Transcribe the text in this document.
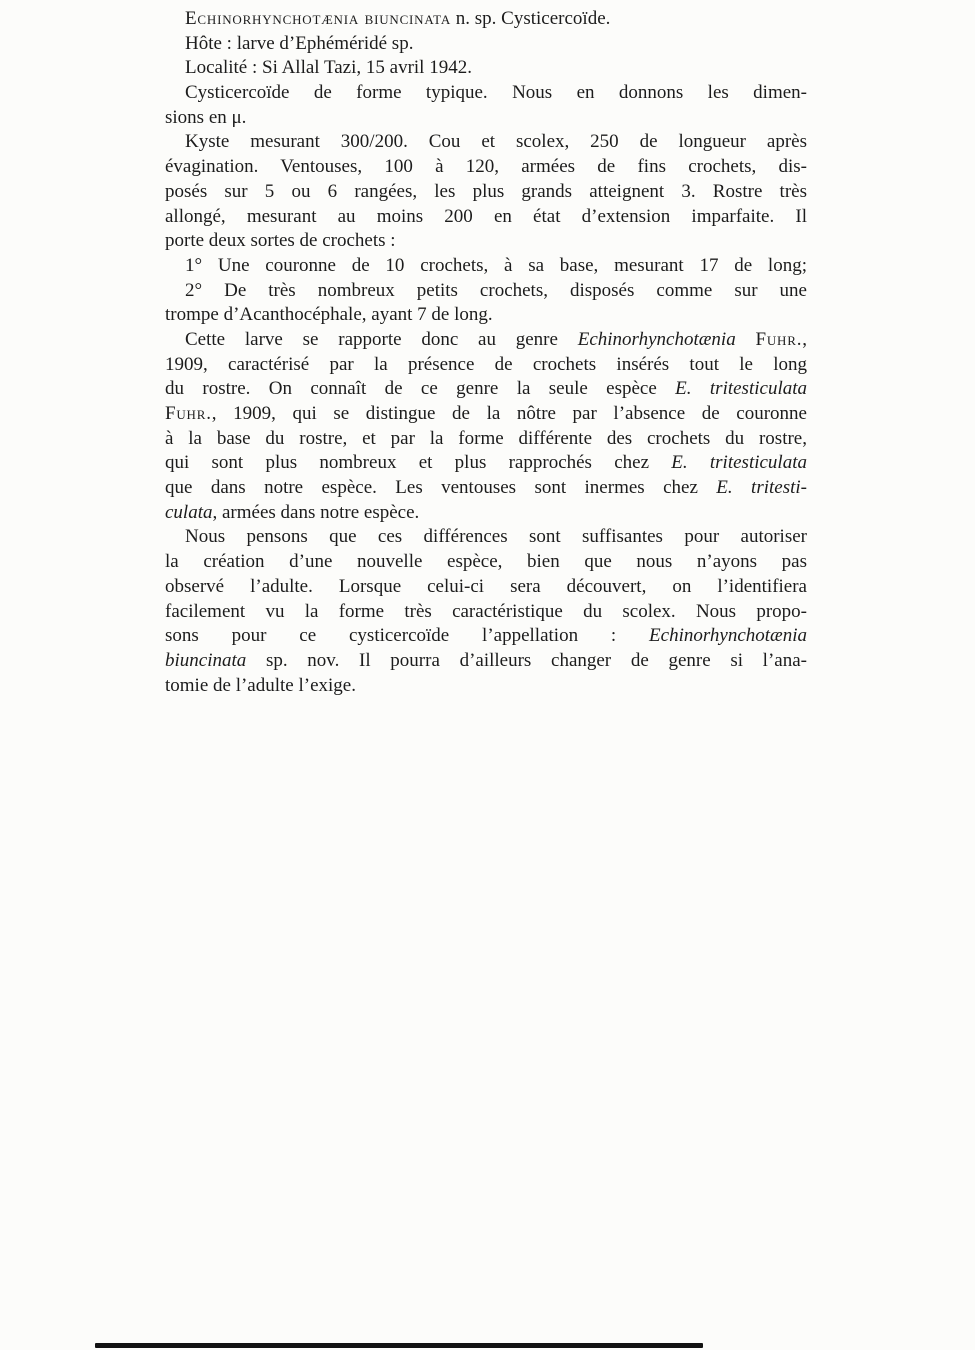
Echinorhynchotænia biuncinata n. sp. Cysticercoïde.
Hôte : larve d’Ephéméridé sp.
Localité : Si Allal Tazi, 15 avril 1942.
Cysticercoïde de forme typique. Nous en donnons les dimen-
sions en μ.
Kyste mesurant 300/200. Cou et scolex, 250 de longueur après
évagination. Ventouses, 100 à 120, armées de fins crochets, dis-
posés sur 5 ou 6 rangées, les plus grands atteignent 3. Rostre très
allongé, mesurant au moins 200 en état d’extension imparfaite. Il
porte deux sortes de crochets :
1° Une couronne de 10 crochets, à sa base, mesurant 17 de long;
2° De très nombreux petits crochets, disposés comme sur une
trompe d’Acanthocéphale, ayant 7 de long.
Cette larve se rapporte donc au genre Echinorhynchotænia Fuhr.,
1909, caractérisé par la présence de crochets insérés tout le long
du rostre. On connaît de ce genre la seule espèce E. tritesticulata
Fuhr., 1909, qui se distingue de la nôtre par l’absence de couronne
à la base du rostre, et par la forme différente des crochets du rostre,
qui sont plus nombreux et plus rapprochés chez E. tritesticulata
que dans notre espèce. Les ventouses sont inermes chez E. tritesti-
culata, armées dans notre espèce.
Nous pensons que ces différences sont suffisantes pour autoriser
la création d’une nouvelle espèce, bien que nous n’ayons pas
observé l’adulte. Lorsque celui-ci sera découvert, on l’identifiera
facilement vu la forme très caractéristique du scolex. Nous propo-
sons pour ce cysticercoïde l’appellation : Echinorhynchotænia
biuncinata sp. nov. Il pourra d’ailleurs changer de genre si l’ana-
tomie de l’adulte l’exige.
